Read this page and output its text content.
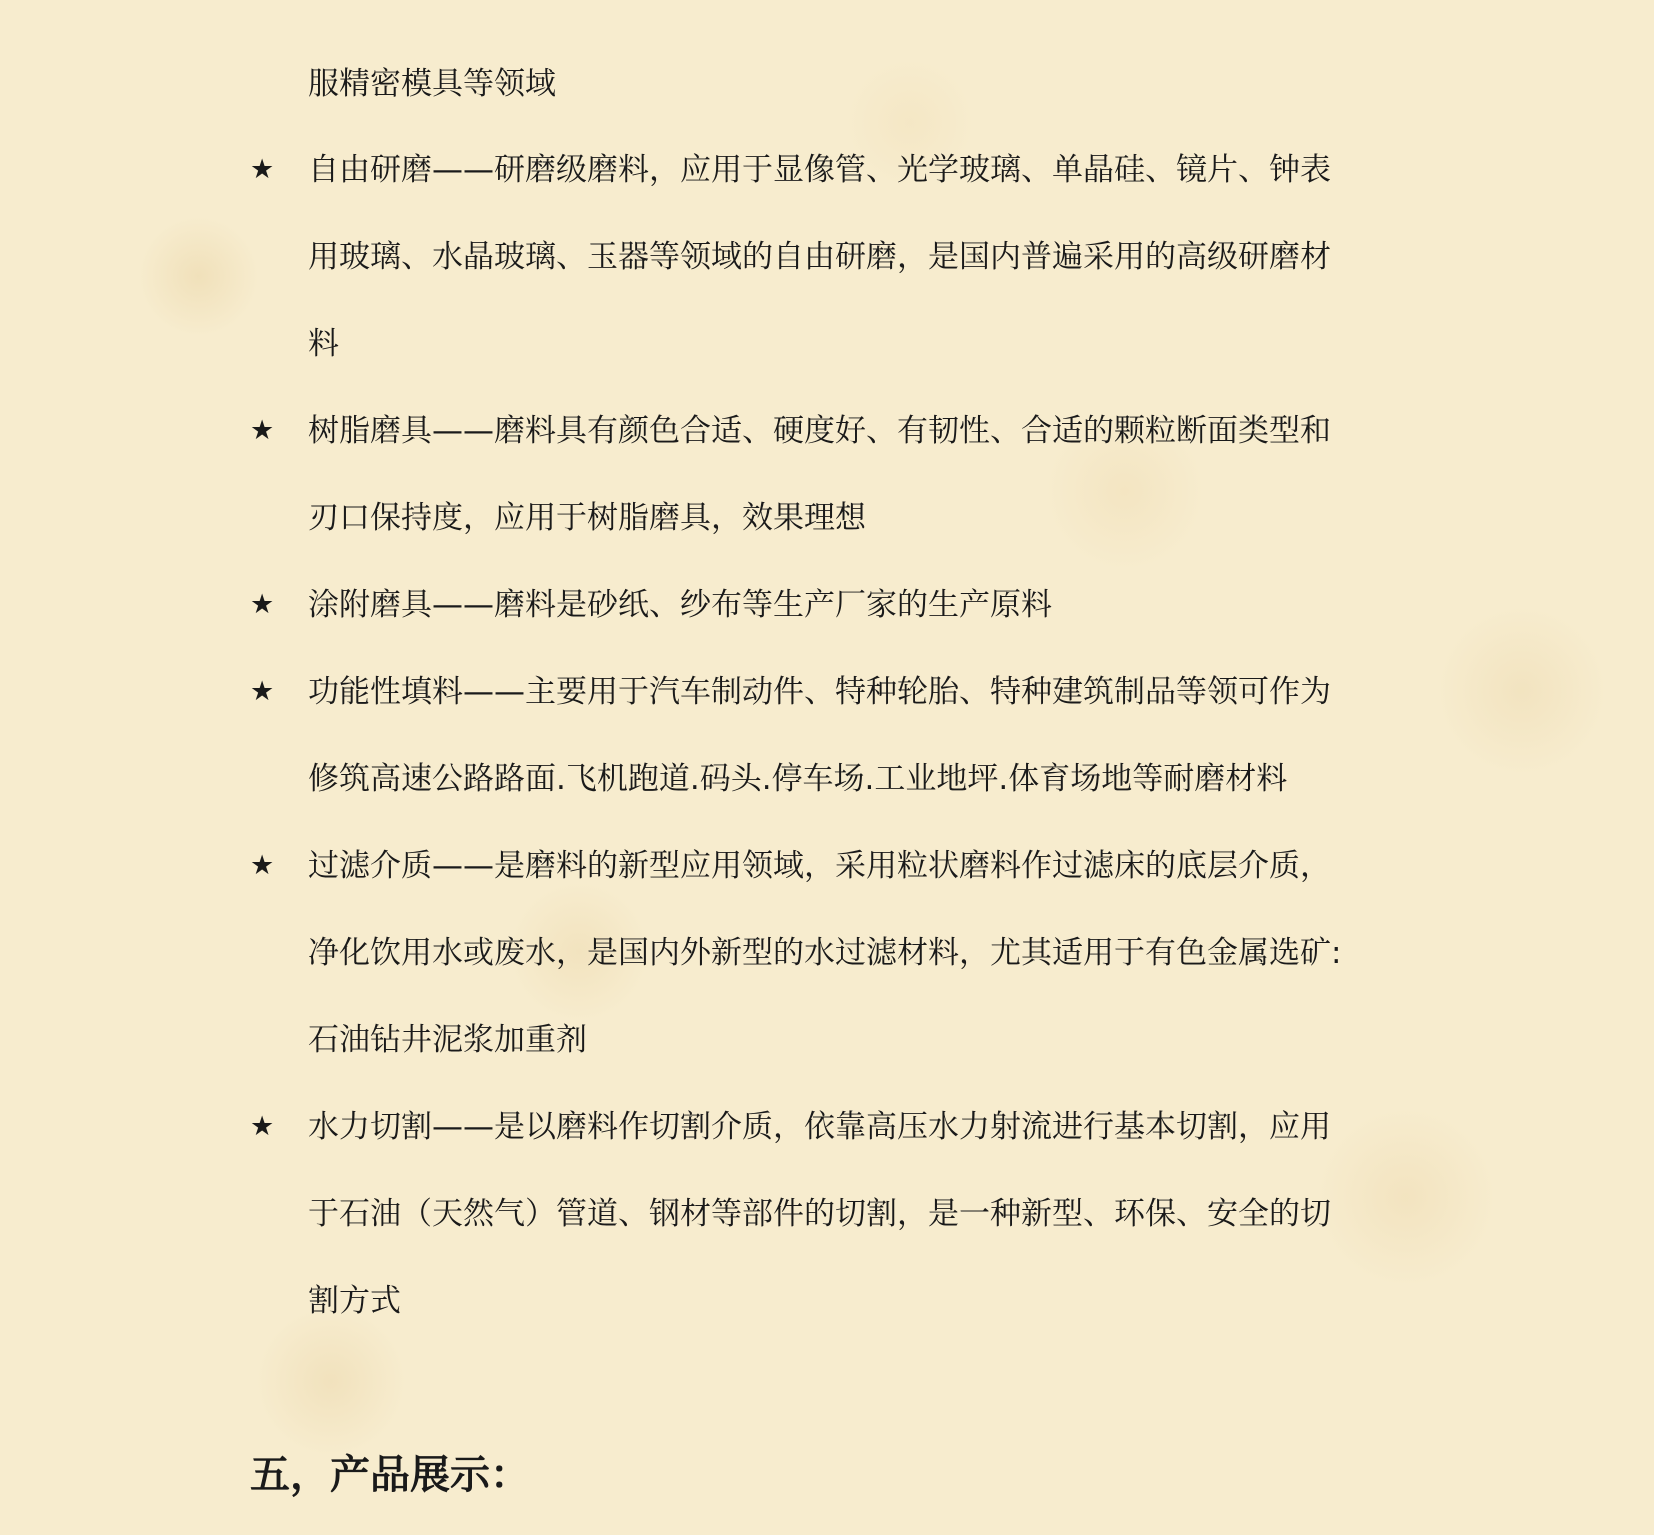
服精密模具等领域
★ 自由研磨——研磨级磨料，应用于显像管、光学玻璃、单晶硅、镜片、钟表
用玻璃、水晶玻璃、玉器等领域的自由研磨，是国内普遍采用的高级研磨材
料
★ 树脂磨具——磨料具有颜色合适、硬度好、有韧性、合适的颗粒断面类型和
刃口保持度，应用于树脂磨具，效果理想
★ 涂附磨具——磨料是砂纸、纱布等生产厂家的生产原料
★ 功能性填料——主要用于汽车制动件、特种轮胎、特种建筑制品等领可作为
修筑高速公路路面.飞机跑道.码头.停车场.工业地坪.体育场地等耐磨材料
★ 过滤介质——是磨料的新型应用领域，采用粒状磨料作过滤床的底层介质，
净化饮用水或废水，是国内外新型的水过滤材料，尤其适用于有色金属选矿:
石油钻井泥浆加重剂
★ 水力切割——是以磨料作切割介质，依靠高压水力射流进行基本切割，应用
于石油（天然气）管道、钢材等部件的切割，是一种新型、环保、安全的切
割方式
五，产品展示：
